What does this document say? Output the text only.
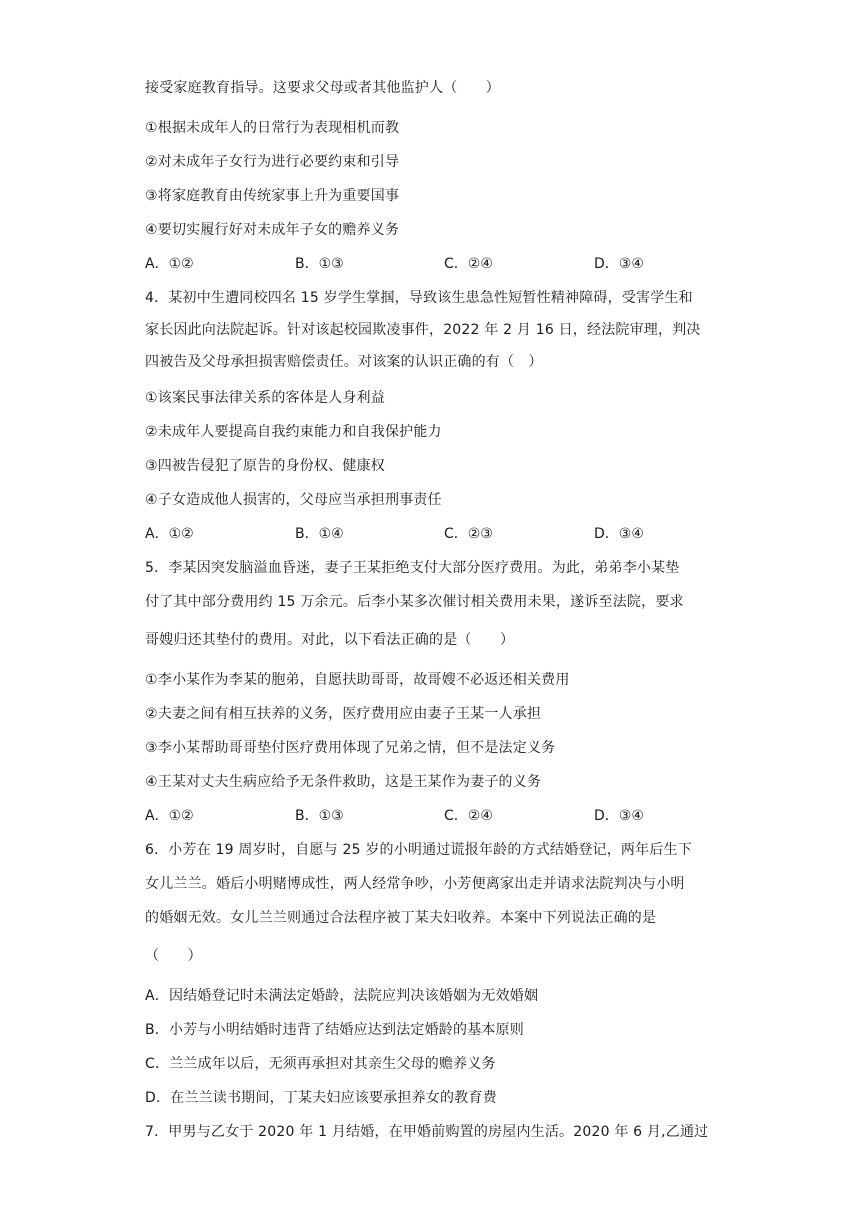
接受家庭教育指导。这要求父母或者其他监护人（　　）
①根据未成年人的日常行为表现相机而教
②对未成年子女行为进行必要约束和引导
③将家庭教育由传统家事上升为重要国事
④要切实履行好对未成年子女的赡养义务
A．①②	B．①③	C．②④	D．③④
4．某初中生遭同校四名 15 岁学生掌掴，导致该生患急性短暂性精神障碍，受害学生和
家长因此向法院起诉。针对该起校园欺凌事件，2022 年 2 月 16 日，经法院审理，判决
四被告及父母承担损害赔偿责任。对该案的认识正确的有（　）
①该案民事法律关系的客体是人身利益
②未成年人要提高自我约束能力和自我保护能力
③四被告侵犯了原告的身份权、健康权
④子女造成他人损害的，父母应当承担刑事责任
A．①②	B．①④	C．②③	D．③④
5．李某因突发脑溢血昏迷，妻子王某拒绝支付大部分医疗费用。为此，弟弟李小某垫
付了其中部分费用约 15 万余元。后李小某多次催讨相关费用未果，遂诉至法院，要求
哥嫂归还其垫付的费用。对此，以下看法正确的是（　　）
①李小某作为李某的胞弟，自愿扶助哥哥，故哥嫂不必返还相关费用
②夫妻之间有相互扶养的义务，医疗费用应由妻子王某一人承担
③李小某帮助哥哥垫付医疗费用体现了兄弟之情，但不是法定义务
④王某对丈夫生病应给予无条件救助，这是王某作为妻子的义务
A．①②	B．①③	C．②④	D．③④
6．小芳在 19 周岁时，自愿与 25 岁的小明通过谎报年龄的方式结婚登记，两年后生下
女儿兰兰。婚后小明赌博成性，两人经常争吵，小芳便离家出走并请求法院判决与小明
的婚姻无效。女儿兰兰则通过合法程序被丁某夫妇收养。本案中下列说法正确的是
（　　）
A．因结婚登记时未满法定婚龄，法院应判决该婚姻为无效婚姻
B．小芳与小明结婚时违背了结婚应达到法定婚龄的基本原则
C．兰兰成年以后，无须再承担对其亲生父母的赡养义务
D．在兰兰读书期间，丁某夫妇应该要承担养女的教育费
7．甲男与乙女于 2020 年 1 月结婚，在甲婚前购置的房屋内生活。2020 年 6 月,乙通过
